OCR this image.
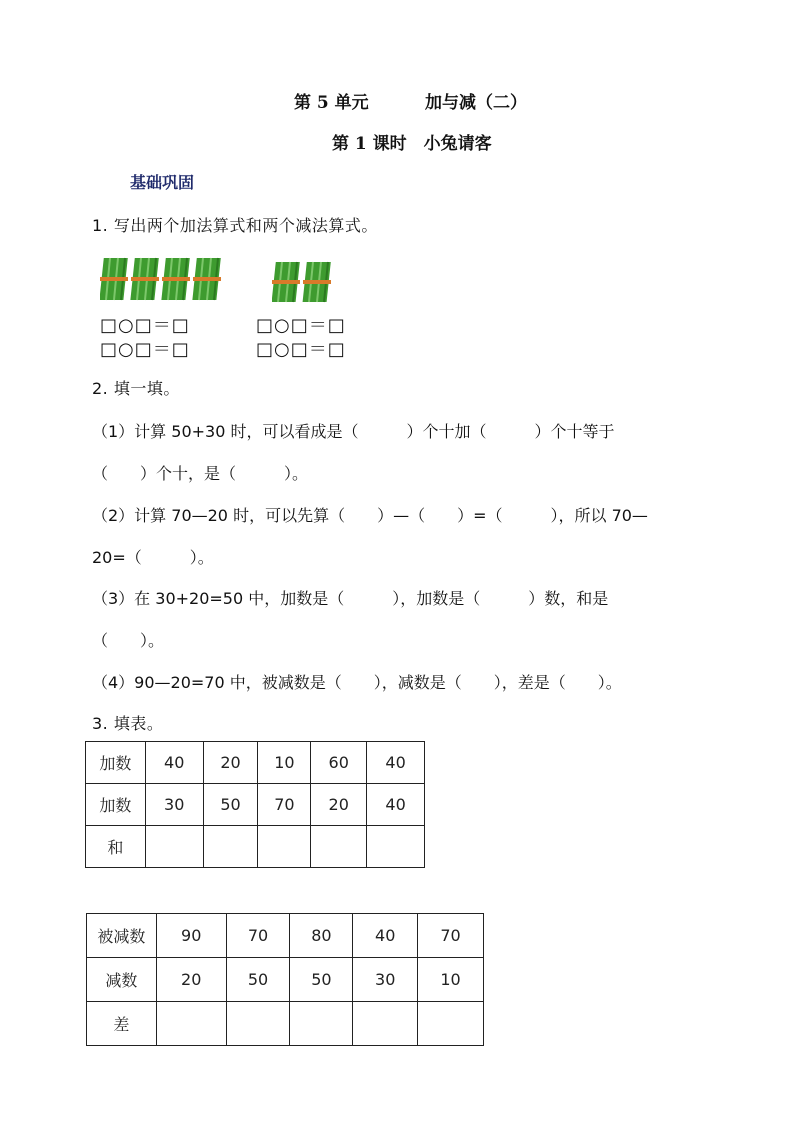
第 5 单元	加与减（二）
第 1 课时　小兔请客
基础巩固
1. 写出两个加法算式和两个减法算式。
□○□＝□
□○□＝□
□○□＝□
□○□＝□
2. 填一填。
（1）计算 50+30 时，可以看成是（　　　）个十加（　　　）个十等于
（　　）个十，是（　　　）。
（2）计算 70—20 时，可以先算（　　）—（　　）=（　　　），所以 70—
20=（　　　）。
（3）在 30+20=50 中，加数是（　　　），加数是（　　　）数，和是
（　　）。
（4）90—20=70 中，被减数是（　　），减数是（　　），差是（　　）。
3. 填表。
加数	40	20	10	60	40
加数	30	50	70	20	40
和					
被减数	90	70	80	40	70
减数	20	50	50	30	10
差					
